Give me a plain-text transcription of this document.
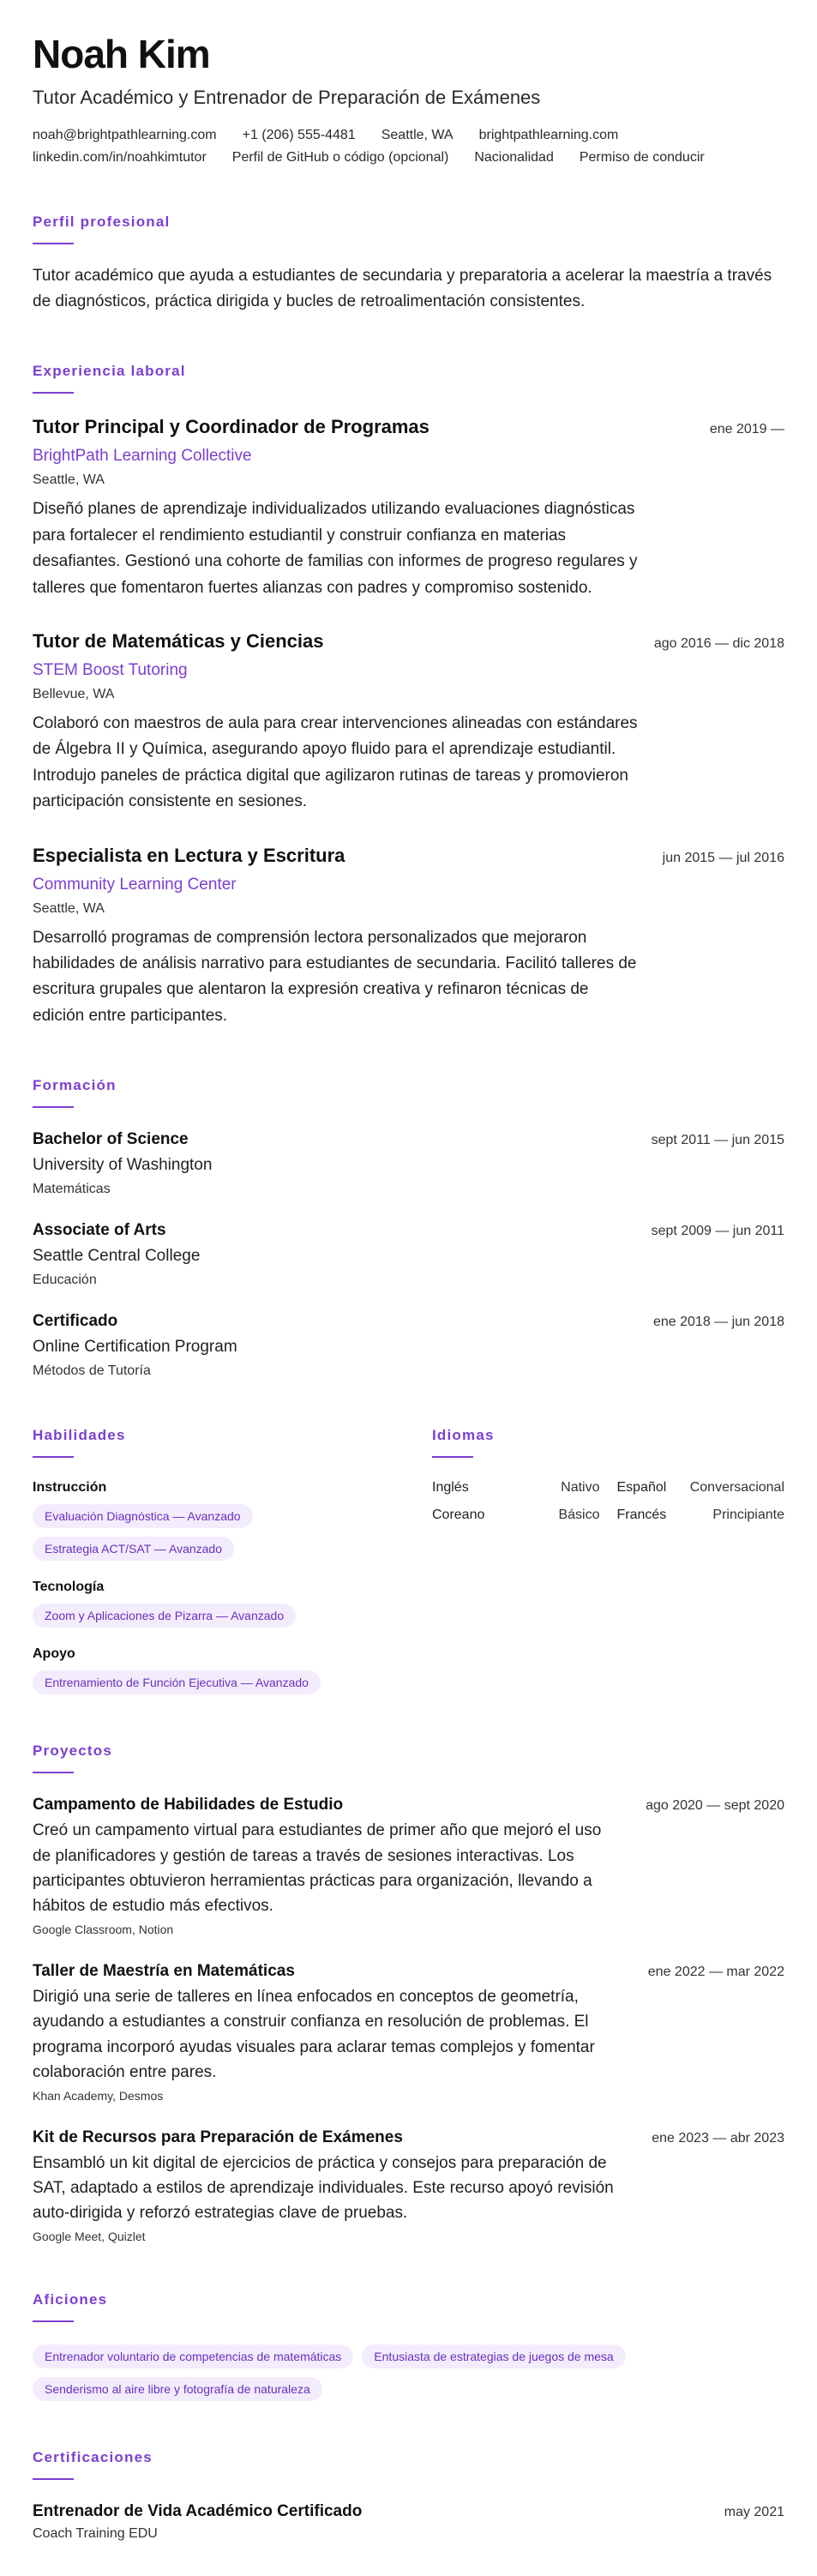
Noah Kim
Tutor Académico y Entrenador de Preparación de Exámenes
noah@brightpathlearning.com +1 (206) 555-4481 Seattle, WA brightpathlearning.com
linkedin.com/in/noahkimtutor Perfil de GitHub o código (opcional) Nacionalidad Permiso de conducir
Perfil profesional
Tutor académico que ayuda a estudiantes de secundaria y preparatoria a acelerar la maestría a través de diagnósticos, práctica dirigida y bucles de retroalimentación consistentes.
Experiencia laboral
Tutor Principal y Coordinador de Programas	ene 2019 —
BrightPath Learning Collective
Seattle, WA
Diseñó planes de aprendizaje individualizados utilizando evaluaciones diagnósticas para fortalecer el rendimiento estudiantil y construir confianza en materias desafiantes. Gestionó una cohorte de familias con informes de progreso regulares y talleres que fomentaron fuertes alianzas con padres y compromiso sostenido.
Tutor de Matemáticas y Ciencias	ago 2016 — dic 2018
STEM Boost Tutoring
Bellevue, WA
Colaboró con maestros de aula para crear intervenciones alineadas con estándares de Álgebra II y Química, asegurando apoyo fluido para el aprendizaje estudiantil. Introdujo paneles de práctica digital que agilizaron rutinas de tareas y promovieron participación consistente en sesiones.
Especialista en Lectura y Escritura	jun 2015 — jul 2016
Community Learning Center
Seattle, WA
Desarrolló programas de comprensión lectora personalizados que mejoraron habilidades de análisis narrativo para estudiantes de secundaria. Facilitó talleres de escritura grupales que alentaron la expresión creativa y refinaron técnicas de edición entre participantes.
Formación
Bachelor of Science	sept 2011 — jun 2015
University of Washington
Matemáticas
Associate of Arts	sept 2009 — jun 2011
Seattle Central College
Educación
Certificado	ene 2018 — jun 2018
Online Certification Program
Métodos de Tutoría
Habilidades
Instrucción
Evaluación Diagnóstica — Avanzado
Estrategia ACT/SAT — Avanzado
Tecnología
Zoom y Aplicaciones de Pizarra — Avanzado
Apoyo
Entrenamiento de Función Ejecutiva — Avanzado
Idiomas
Inglés	Nativo Español Conversacional
Coreano	Básico Francés	Principiante
Proyectos
Campamento de Habilidades de Estudio	ago 2020 — sept 2020
Creó un campamento virtual para estudiantes de primer año que mejoró el uso de planificadores y gestión de tareas a través de sesiones interactivas. Los participantes obtuvieron herramientas prácticas para organización, llevando a hábitos de estudio más efectivos.
Google Classroom, Notion
Taller de Maestría en Matemáticas	ene 2022 — mar 2022
Dirigió una serie de talleres en línea enfocados en conceptos de geometría, ayudando a estudiantes a construir confianza en resolución de problemas. El programa incorporó ayudas visuales para aclarar temas complejos y fomentar colaboración entre pares.
Khan Academy, Desmos
Kit de Recursos para Preparación de Exámenes	ene 2023 — abr 2023
Ensambló un kit digital de ejercicios de práctica y consejos para preparación de SAT, adaptado a estilos de aprendizaje individuales. Este recurso apoyó revisión auto-dirigida y reforzó estrategias clave de pruebas.
Google Meet, Quizlet
Aficiones
Entrenador voluntario de competencias de matemáticas	Entusiasta de estrategias de juegos de mesa
Senderismo al aire libre y fotografía de naturaleza
Certificaciones
Entrenador de Vida Académico Certificado	may 2021
Coach Training EDU
